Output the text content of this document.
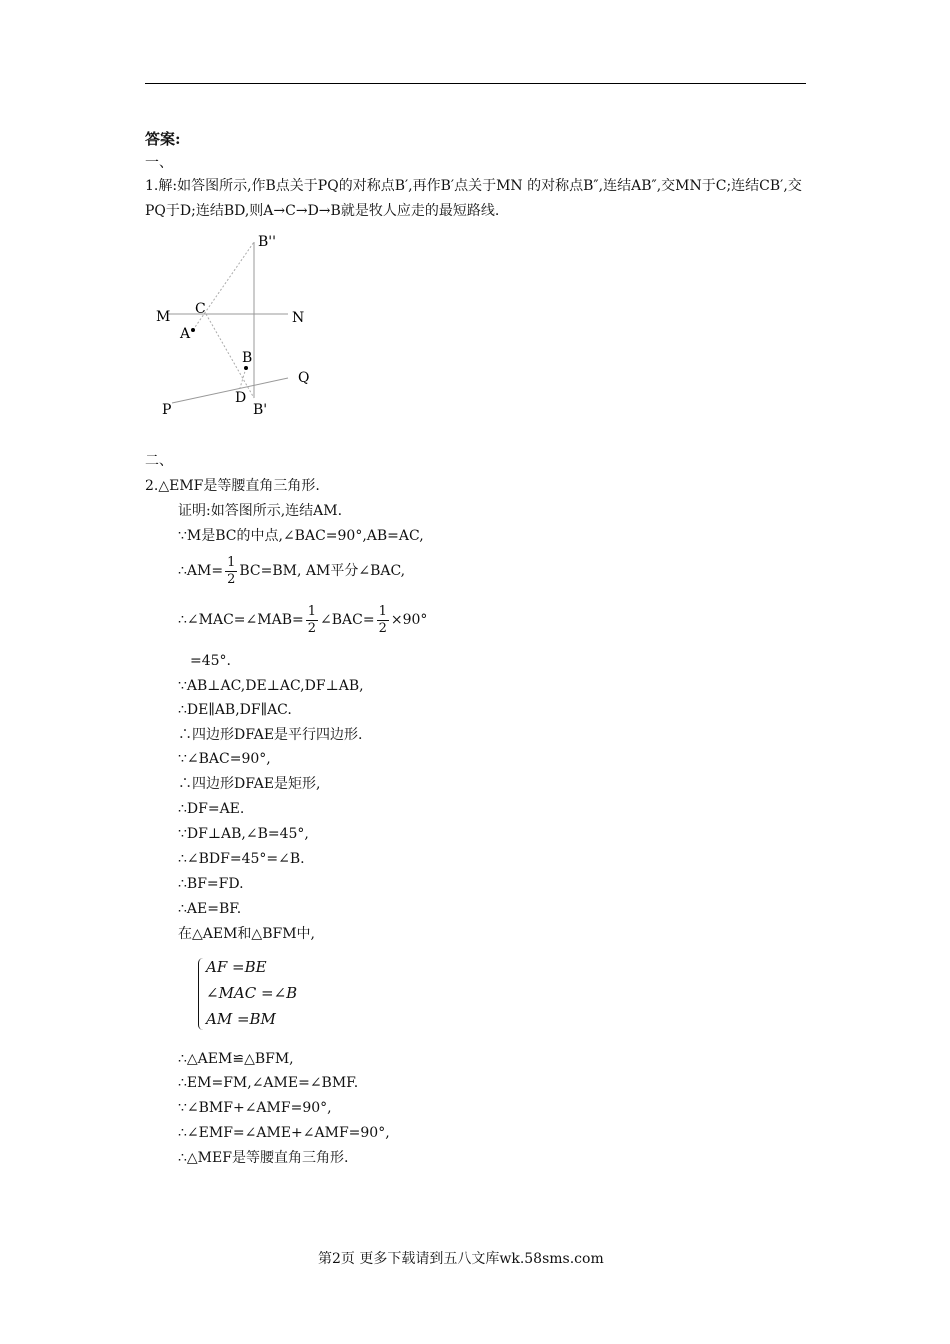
答案:
一、
1.解:如答图所示,作B点关于PQ的对称点B′,再作B′点关于MN 的对称点B″,连结AB″,交MN于C;连结CB′,交PQ于D;连结BD,则A→C→D→B就是牧人应走的最短路线.
B''
M C
N
A
B
Q
P
D
B'
二、
2.△EMF是等腰直角三角形.
证明:如答图所示,连结AM.
∵M是BC的中点,∠BAC=90°,AB=AC,
∴AM= $\frac{1}{2} BC=BM$, AM平分∠BAC,
∴∠MAC=∠MAB= $\frac{1}{2}$ ∠BAC= $\frac{1}{2} \times 90^\circ$
=45°.
∵AB⊥AC,DE⊥AC,DF⊥AB,
∴DE∥AB,DF∥AC.
∴四边形DFAE是平行四边形.
∵∠BAC=90°,
∴四边形DFAE是矩形,
∴DF=AE.
∵DF⊥AB,∠B=45°,
∴∠BDF=45°=∠B.
∴BF=FD.
∴AE=BF.
在△AEM和△BFM中,
AF =BE
∠MAC =∠B
AM =BM
∴△AEM≌△BFM,
∴EM=FM,∠AME=∠BMF.
∵∠BMF+∠AMF=90°,
∴∠EMF=∠AME+∠AMF=90°,
∴△MEF是等腰直角三角形.
第2页 更多下载请到五八文库wk.58sms.com
